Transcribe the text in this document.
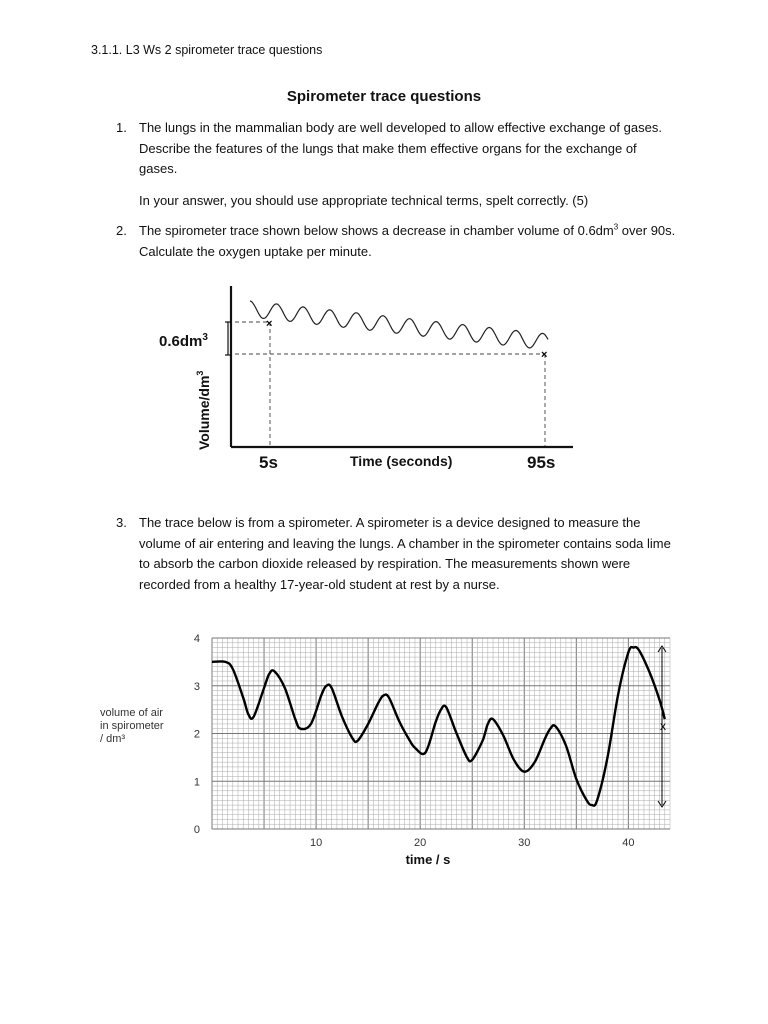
3.1.1. L3 Ws 2 spirometer trace questions
Spirometer trace questions
1. The lungs in the mammalian body are well developed to allow effective exchange of gases. Describe the features of the lungs that make them effective organs for the exchange of gases.

In your answer, you should use appropriate technical terms, spelt correctly. (5)

2. The spirometer trace shown below shows a decrease in chamber volume of $0.6dm^3$ over 90s. Calculate the oxygen uptake per minute.

×
×
$0.6dm^3$
Volume/$dm^3$
5s	Time (seconds)	95s
3. The trace below is from a spirometer. A spirometer is a device designed to measure the volume of air entering and leaving the lungs. A chamber in the spirometer contains soda lime to absorb the carbon dioxide released by respiration. The measurements shown were recorded from a healthy 17-year-old student at rest by a nurse.

0
1
2
3
4
10	20	30	40
volume of air
in spirometer
/ dm³
time / s
x
